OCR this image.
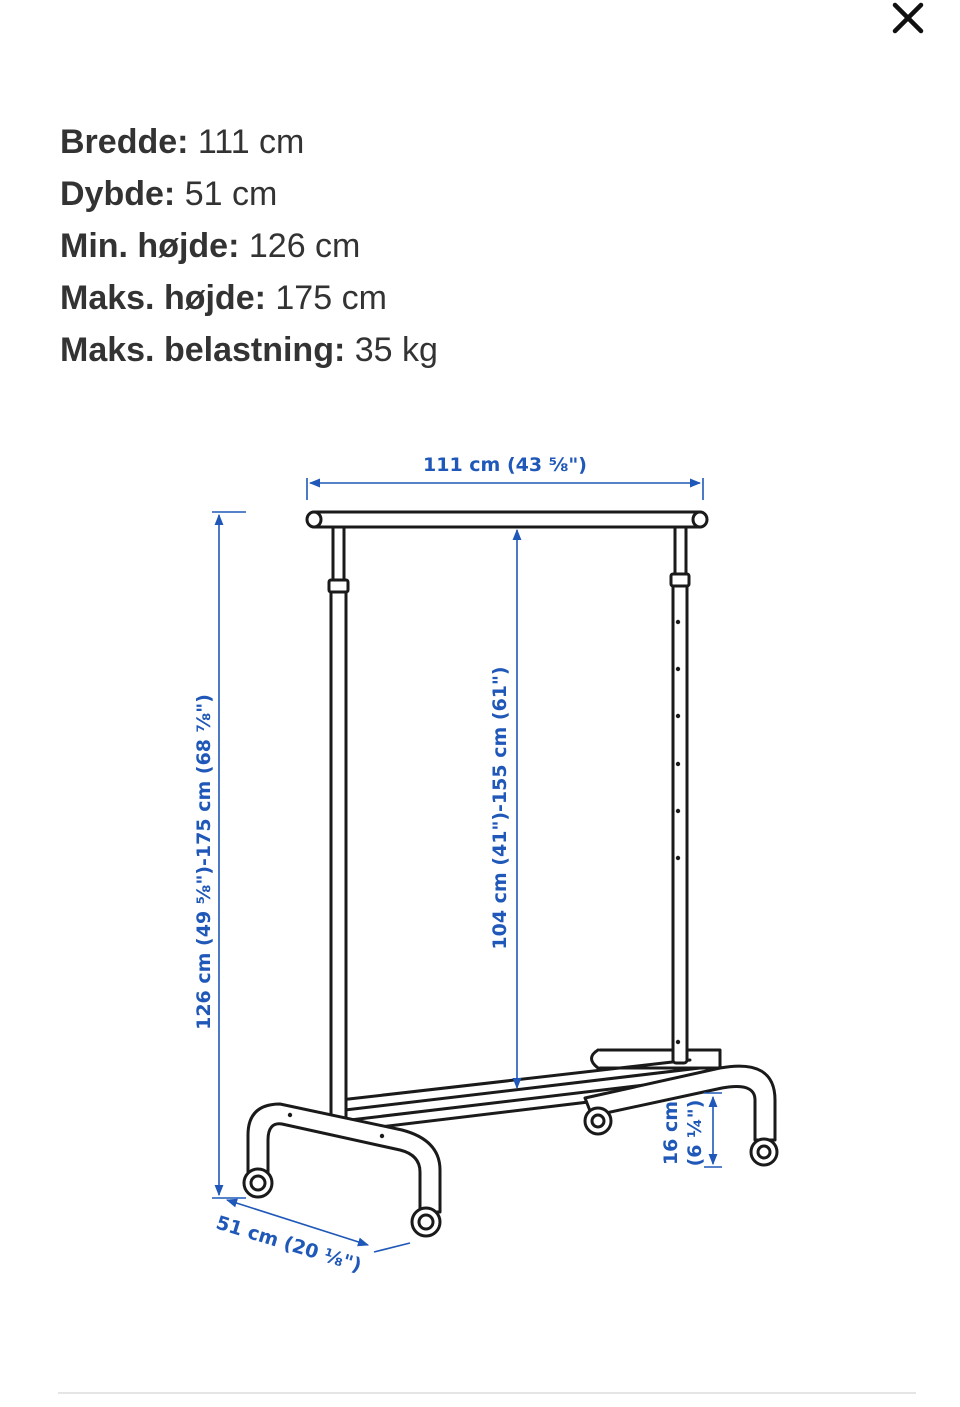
Bredde: 111 cm
Dybde: 51 cm
Min. højde: 126 cm
Maks. højde: 175 cm
Maks. belastning: 35 kg
111 cm (43 ⅝")
126 cm (49 ⅝")-175 cm (68 ⅞")	104 cm (41")-155 cm (61")
51 cm (20 ⅛")
16 cm (6 ¼")
